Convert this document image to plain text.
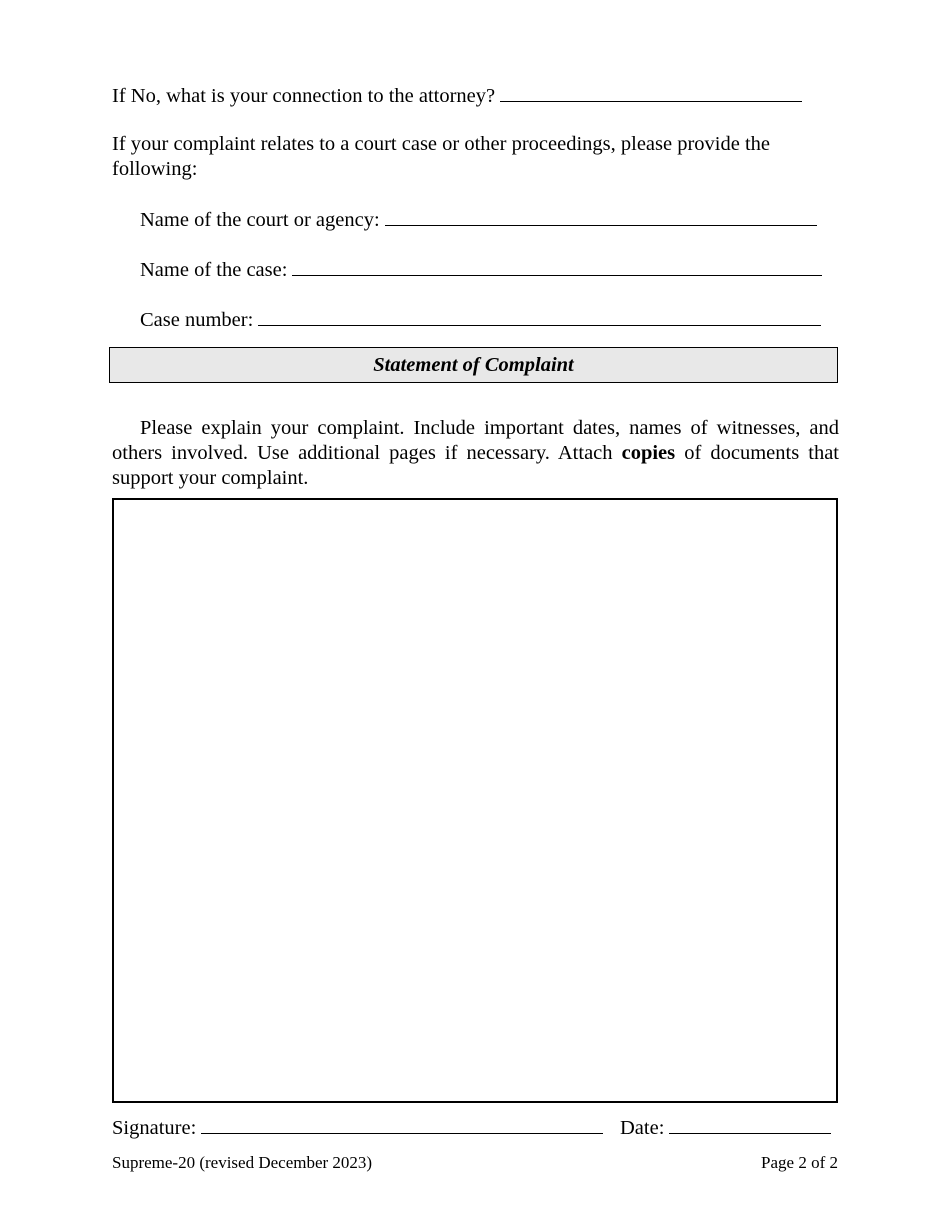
If No, what is your connection to the attorney?
If your complaint relates to a court case or other proceedings, please provide the following:
Name of the court or agency:
Name of the case:
Case number:
Statement of Complaint
Please explain your complaint. Include important dates, names of witnesses, and others involved. Use additional pages if necessary. Attach copies of documents that support your complaint.
Signature:	Date:
Supreme-20 (revised December 2023)	Page 2 of 2
